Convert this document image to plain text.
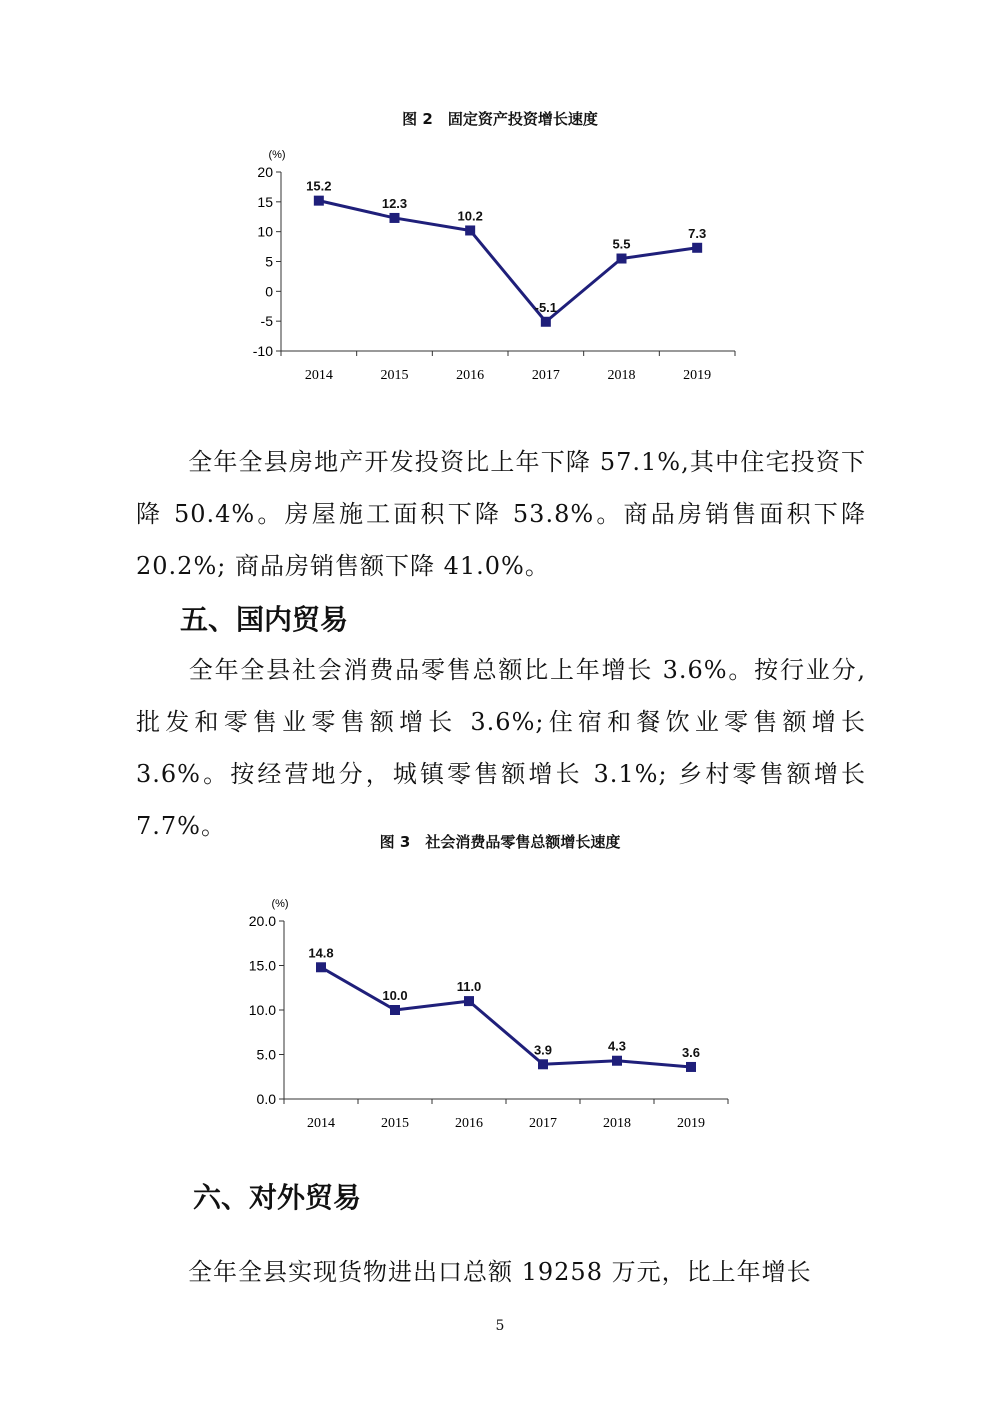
图 2　固定资产投资增长速度
(%)
20
15
10
5
0
-5
-10
2014	2015	2016	2017	2018	2019
15.2
12.3
10.2
-5.1
5.5
7.3

全年全县房地产开发投资比上年下降 57.1%,其中住宅投资下降 50.4%。房屋施工面积下降 53.8%。商品房销售面积下降20.2%; 商品房销售额下降 41.0%。

五、国内贸易

全年全县社会消费品零售总额比上年增长 3.6%。按行业分,批发和零售业零售额增长 3.6%;住宿和餐饮业零售额增长 3.6%。按经营地分，城镇零售额增长 3.1%; 乡村零售额增长 7.7%。

图 3　社会消费品零售总额增长速度
(%)
20.0
15.0
10.0
5.0
0.0
2014	2015	2016	2017	2018	2019
14.8
10.0
11.0
3.9	4.3	3.6
六、对外贸易

全年全县实现货物进出口总额 19258 万元，比上年增长

5
